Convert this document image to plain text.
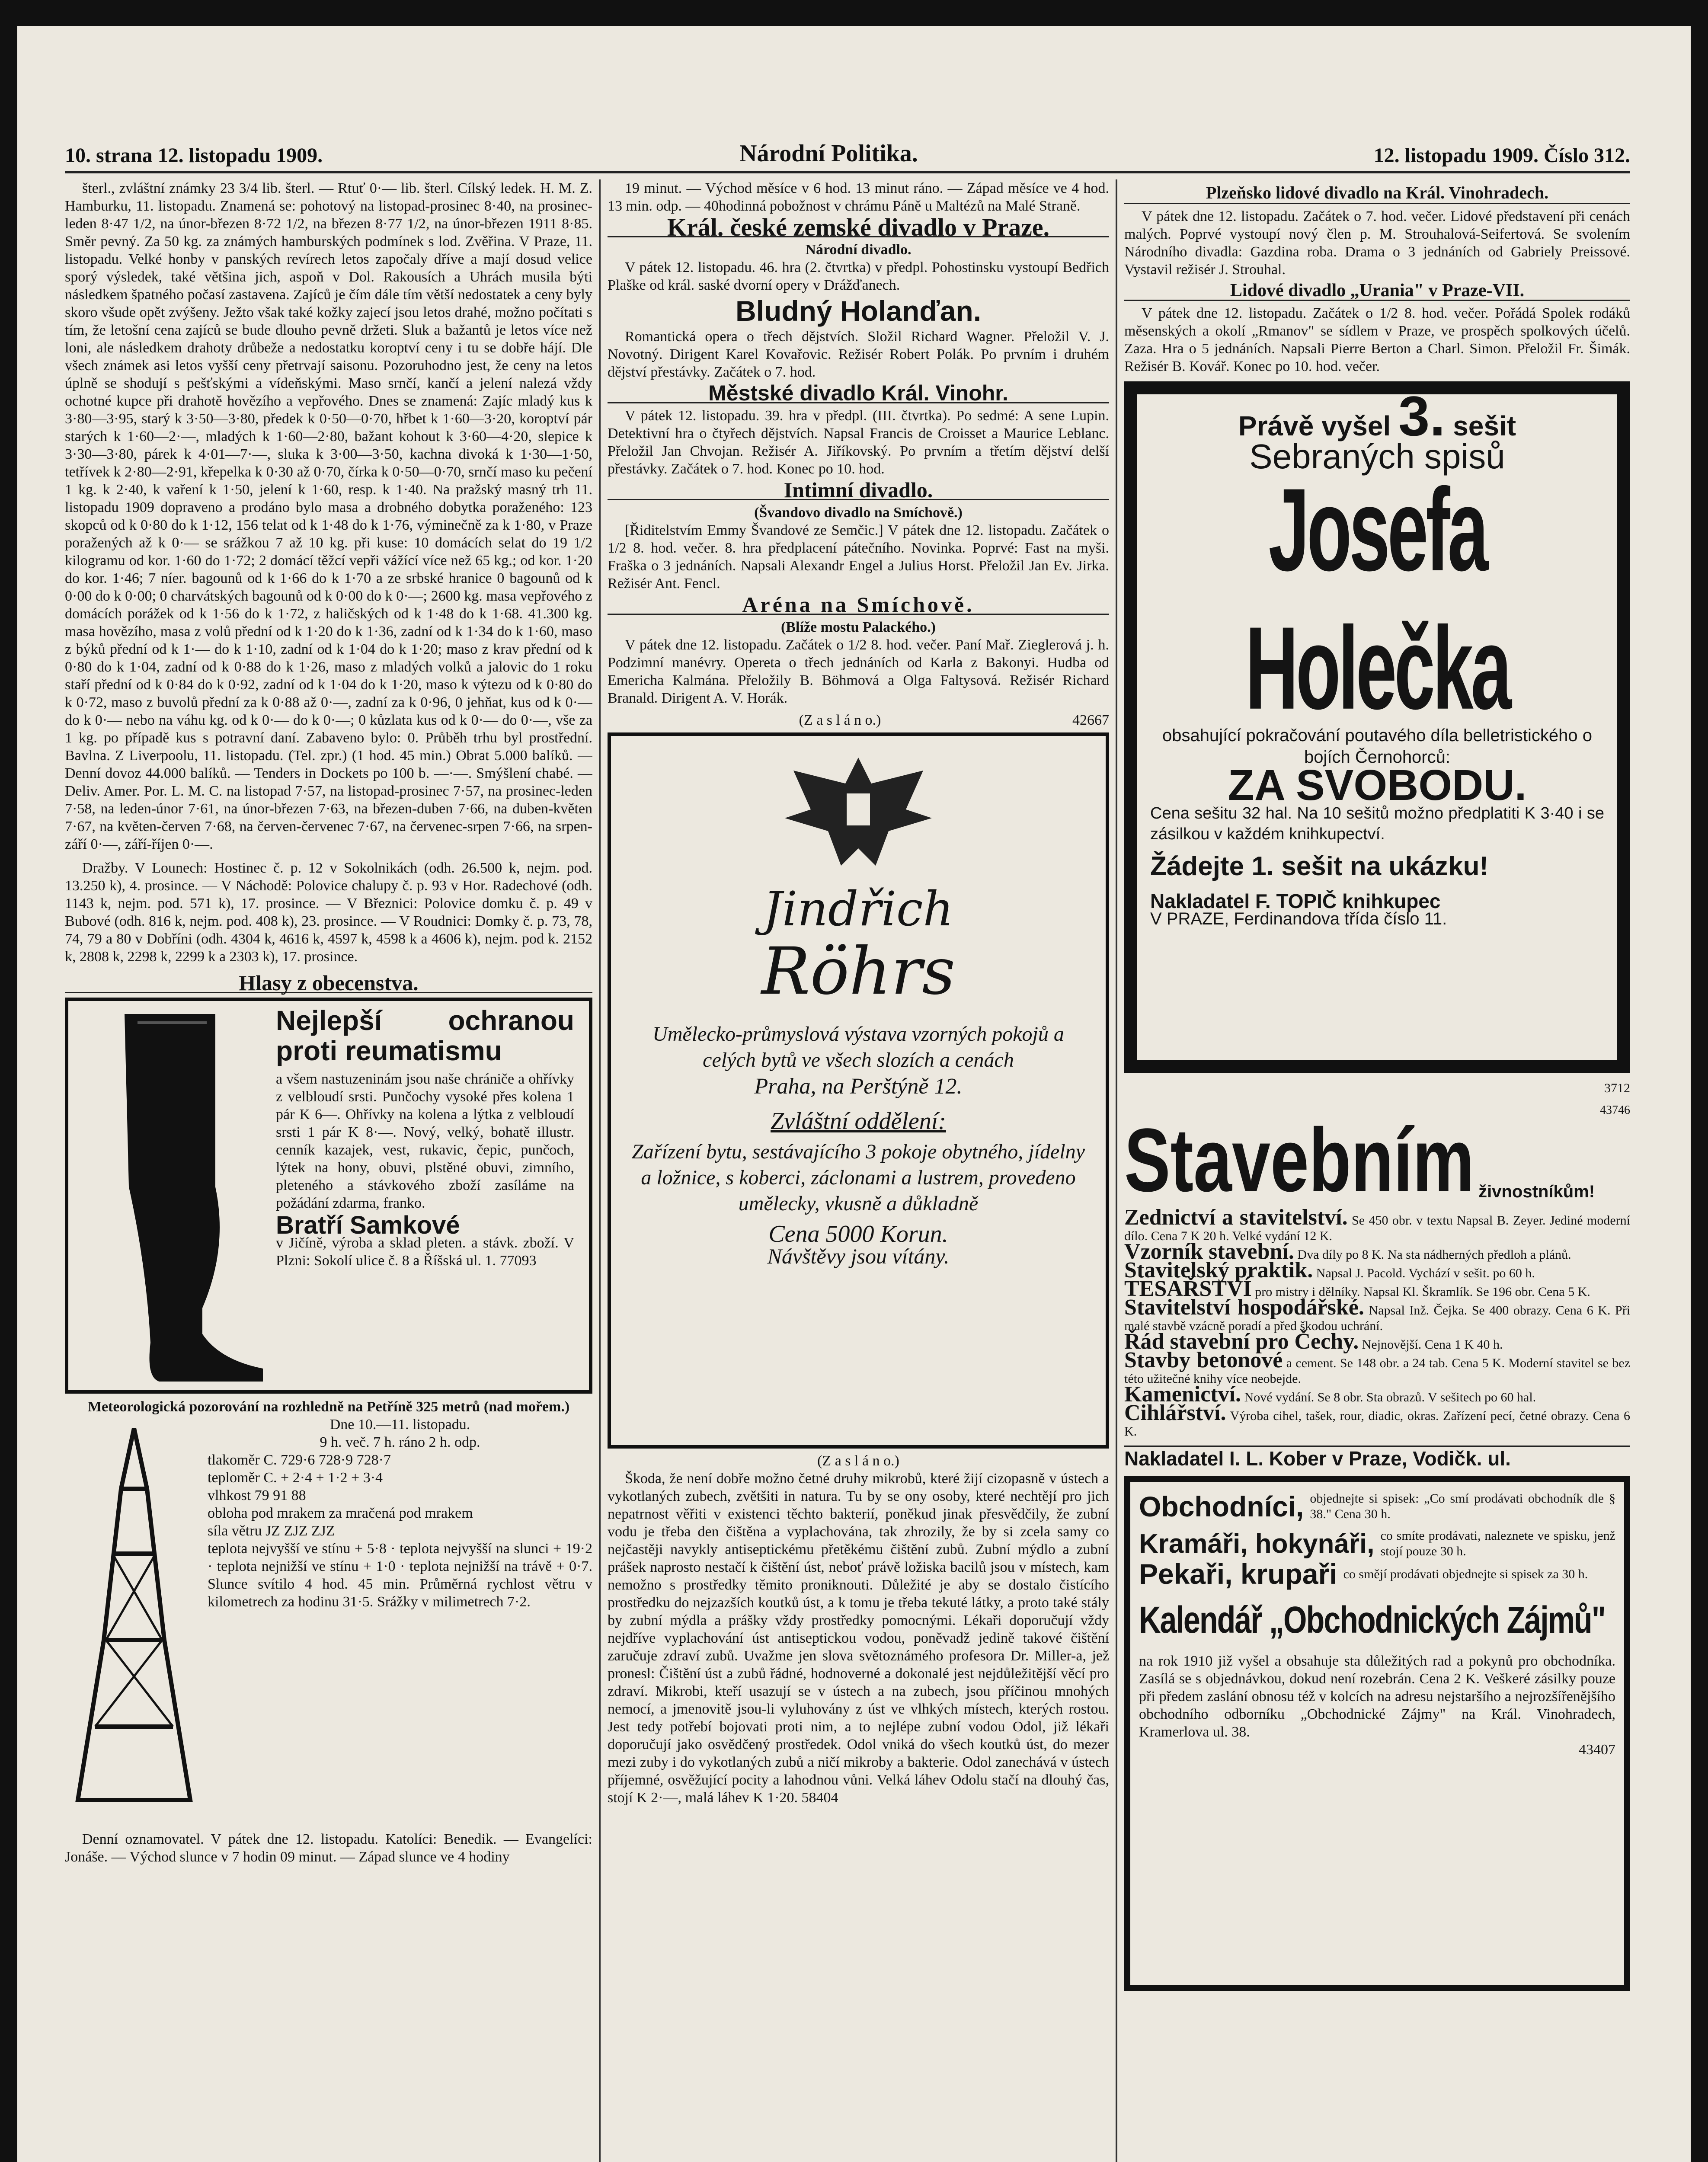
10. strana 12. listopadu 1909.	Národní Politika.	12. listopadu 1909. Číslo 312.

šterl., zvláštní známky 23 3/4 lib. šterl. — Rtuť 0·— lib. šterl. Cílský ledek. H. M. Z. Hamburku, 11. listopadu. Znamená se: pohotový na listopad-prosinec 8·40, na prosinec-leden 8·47 1/2, na únor-březen 8·72 1/2, na březen 8·77 1/2, na únor-březen 1911 8·85. Směr pevný. Za 50 kg. za známých hamburských podmínek s lod. Zvěřina. V Praze, 11. listopadu. Velké honby v panských revírech letos započaly dříve a mají dosud velice sporý výsledek, také většina jich, aspoň v Dol. Rakousích a Uhrách musila býti následkem špatného počasí zastavena. Zajíců je čím dále tím větší nedostatek a ceny byly skoro všude opět zvýšeny. Ježto však také kožky zajecí jsou letos drahé, možno počítati s tím, že letošní cena zajíců se bude dlouho pevně držeti. Sluk a bažantů je letos více než loni, ale následkem drahoty drůbeže a nedostatku koroptví ceny i tu se dobře hájí. Dle všech známek asi letos vyšší ceny přetrvají saisonu. Pozoruhodno jest, že ceny na letos úplně se shodují s pešťskými a vídeňskými. Maso srnčí, kančí a jelení nalezá vždy ochotné kupce při drahotě hovězího a vepřového. Dnes se znamená: Zajíc mladý kus k 3·80—3·95, starý k 3·50—3·80, předek k 0·50—0·70, hřbet k 1·60—3·20, koroptví pár starých k 1·60—2·—, mladých k 1·60—2·80, bažant kohout k 3·60—4·20, slepice k 3·30—3·80, párek k 4·01—7·—, sluka k 3·00—3·50, kachna divoká k 1·30—1·50, tetřívek k 2·80—2·91, křepelka k 0·30 až 0·70, čírka k 0·50—0·70, srnčí maso ku pečení 1 kg. k 2·40, k vaření k 1·50, jelení k 1·60, resp. k 1·40. Na pražský masný trh 11. listopadu 1909 dopraveno a prodáno bylo masa a drobného dobytka poraženého: 123 skopců od k 0·80 do k 1·12, 156 telat od k 1·48 do k 1·76, výminečně za k 1·80, v Praze poražených až k 0·— se srážkou 7 až 10 kg. při kuse: 10 domácích selat do 19 1/2 kilogramu od kor. 1·60 do 1·72; 2 domácí těžcí vepři vážící více než 65 kg.; od kor. 1·20 do kor. 1·46; 7 níer. bagounů od k 1·66 do k 1·70 a ze srbské hranice 0 bagounů od k 0·00 do k 0·00; 0 charvátských bagounů od k 0·00 do k 0·—; 2600 kg. masa vepřového z domácích porážek od k 1·56 do k 1·72, z haličských od k 1·48 do k 1·68. 41.300 kg. masa hovězího, masa z volů přední od k 1·20 do k 1·36, zadní od k 1·34 do k 1·60, maso z býků přední od k 1·— do k 1·10, zadní od k 1·04 do k 1·20; maso z krav přední od k 0·80 do k 1·04, zadní od k 0·88 do k 1·26, maso z mladých volků a jalovic do 1 roku staří přední od k 0·84 do k 0·92, zadní od k 1·04 do k 1·20, maso k výtezu od k 0·80 do k 0·72, maso z buvolů přední za k 0·88 až 0·—, zadní za k 0·96, 0 jehňat, kus od k 0·— do k 0·— nebo na váhu kg. od k 0·— do k 0·—; 0 kůzlata kus od k 0·— do 0·—, vše za 1 kg. po případě kus s potravní daní. Zabaveno bylo: 0. Průběh trhu byl prostřední. Bavlna. Z Liverpoolu, 11. listopadu. (Tel. zpr.) (1 hod. 45 min.) Obrat 5.000 balíků. — Denní dovoz 44.000 balíků. — Tenders in Dockets po 100 b. —·—. Smýšlení chabé. — Deliv. Amer. Por. L. M. C. na listopad 7·57, na listopad-prosinec 7·57, na prosinec-leden 7·58, na leden-únor 7·61, na únor-březen 7·63, na březen-duben 7·66, na duben-květen 7·67, na květen-červen 7·68, na červen-červenec 7·67, na červenec-srpen 7·66, na srpen-září 0·—, září-říjen 0·—.

Dražby. V Lounech: Hostinec č. p. 12 v Sokolnikách (odh. 26.500 k, nejm. pod. 13.250 k), 4. prosince. — V Náchodě: Polovice chalupy č. p. 93 v Hor. Radechové (odh. 1143 k, nejm. pod. 571 k), 17. prosince. — V Březnici: Polovice domku č. p. 49 v Bubové (odh. 816 k, nejm. pod. 408 k), 23. prosince. — V Roudnici: Domky č. p. 73, 78, 74, 79 a 80 v Dobříni (odh. 4304 k, 4616 k, 4597 k, 4598 k a 4606 k), nejm. pod k. 2152 k, 2808 k, 2298 k, 2299 k a 2303 k), 17. prosince.

Hlasy z obecenstva.
Nejlepší ochranou proti reumatismu
a všem nastuzeninám jsou naše chrániče a ohřívky z velbloudí srsti. Punčochy vysoké přes kolena 1 pár K 6—. Ohřívky na kolena a lýtka z velbloudí srsti 1 pár K 8·—. Nový, velký, bohatě illustr. cenník kazajek, vest, rukavic, čepic, punčoch, lýtek na hony, obuvi, plstěné obuvi, zimního, pleteného a stávkového zboží zasíláme na požádání zdarma, franko.
Bratří Samkové
v Jičíně, výroba a sklad pleten. a stávk. zboží. V Plzni: Sokolí ulice č. 8 a Říšská ul. 1. 77093
Meteorologická pozorování na rozhledně na Petříně 325 metrů (nad mořem.)
Dne 10.—11. listopadu.
9 h. več. 7 h. ráno 2 h. odp.
tlakoměr C. 729·6 728·9 728·7
teploměr C. + 2·4 + 1·2 + 3·4
vlhkost 79 91 88
obloha pod mrakem za mračená pod mrakem
síla větru JZ ZJZ ZJZ
teplota nejvyšší ve stínu + 5·8 · teplota nejvyšší na slunci + 19·2 · teplota nejnižší ve stínu + 1·0 · teplota nejnižší na trávě + 0·7. Slunce svítilo 4 hod. 45 min. Průměrná rychlost větru v kilometrech za hodinu 31·5. Srážky v milimetrech 7·2.

Denní oznamovatel. V pátek dne 12. listopadu. Katolíci: Benedik. — Evangelíci: Jonáše. — Východ slunce v 7 hodin 09 minut. — Západ slunce ve 4 hodiny

19 minut. — Východ měsíce v 6 hod. 13 minut ráno. — Západ měsíce ve 4 hod. 13 min. odp. — 40hodinná pobožnost v chrámu Páně u Maltézů na Malé Straně.

Král. české zemské divadlo v Praze.
Národní divadlo.

V pátek 12. listopadu. 46. hra (2. čtvrtka) v předpl. Pohostinsku vystoupí Bedřich Plaške od král. saské dvorní opery v Drážďanech.

Bludný Holanďan.

Romantická opera o třech dějstvích. Složil Richard Wagner. Přeložil V. J. Novotný. Dirigent Karel Kovařovic. Režisér Robert Polák. Po prvním i druhém dějství přestávky. Začátek o 7. hod.

Městské divadlo Král. Vinohr.

V pátek 12. listopadu. 39. hra v předpl. (III. čtvrtka). Po sedmé: A sene Lupin. Detektivní hra o čtyřech dějstvích. Napsal Francis de Croisset a Maurice Leblanc. Přeložil Jan Chvojan. Režisér A. Jiříkovský. Po prvním a třetím dějství delší přestávky. Začátek o 7. hod. Konec po 10. hod.

Intimní divadlo.
(Švandovo divadlo na Smíchově.)

[Řiditelstvím Emmy Švandové ze Semčic.] V pátek dne 12. listopadu. Začátek o 1/2 8. hod. večer. 8. hra předplacení pátečního. Novinka. Poprvé: Fast na myši. Fraška o 3 jednáních. Napsali Alexandr Engel a Julius Horst. Přeložil Jan Ev. Jirka. Režisér Ant. Fencl.

Aréna na Smíchově.
(Blíže mostu Palackého.)

V pátek dne 12. listopadu. Začátek o 1/2 8. hod. večer. Paní Mař. Zieglerová j. h. Podzimní manévry. Opereta o třech jednáních od Karla z Bakonyi. Hudba od Emericha Kalmána. Přeložily B. Böhmová a Olga Faltysová. Režisér Richard Branald. Dirigent A. V. Horák.

(Z a s l á n o.)	42667
Jindřich
Röhrs
Umělecko-průmyslová výstava vzorných pokojů a celých bytů ve všech slozích a cenách
Praha, na Perštýně 12.
Zvláštní oddělení:
Zařízení bytu, sestávajícího 3 pokoje obytného, jídelny a ložnice, s koberci, záclonami a lustrem, provedeno umělecky, vkusně a důkladně
Cena 5000 Korun.
Návštěvy jsou vítány.
(Z a s l á n o.)

Škoda, že není dobře možno četné druhy mikrobů, které žijí cizopasně v ústech a vykotlaných zubech, zvětšiti in natura. Tu by se ony osoby, které nechtějí pro jich nepatrnost věřiti v existenci těchto bakterií, poněkud jinak přesvědčily, že zubní vodu je třeba den čištěna a vyplachována, tak zhrozily, že by si zcela samy co nejčastěji navykly antiseptickému přetěkému čištění zubů. Zubní mýdlo a zubní prášek naprosto nestačí k čištění úst, neboť právě ložiska bacilů jsou v místech, kam nemožno s prostředky těmito proniknouti. Důležité je aby se dostalo čistícího prostředku do nejzazších koutků úst, a k tomu je třeba tekuté látky, a proto také stály by zubní mýdla a prášky vždy prostředky pomocnými. Lékaři doporučují vždy nejdříve vyplachování úst antiseptickou vodou, poněvadž jedině takové čištění zaručuje zdraví zubů. Uvažme jen slova světoznámého profesora Dr. Miller-a, jež pronesl: Čištění úst a zubů řádné, hodnoverné a dokonalé jest nejdůležitější věcí pro zdraví. Mikrobi, kteří usazují se v ústech a na zubech, jsou příčinou mnohých nemocí, a jmenovitě jsou-li vyluhovány z úst ve vlhkých místech, kterých rostou. Jest tedy potřebí bojovati proti nim, a to nejlépe zubní vodou Odol, již lékaři doporučují jako osvědčený prostředek. Odol vniká do všech koutků úst, do mezer mezi zuby i do vykotlaných zubů a ničí mikroby a bakterie. Odol zanechává v ústech příjemné, osvěžující pocity a lahodnou vůni. Velká láhev Odolu stačí na dlouhý čas, stojí K 2·—, malá láhev K 1·20. 58404

Plzeňsko lidové divadlo na Král. Vinohradech.

V pátek dne 12. listopadu. Začátek o 7. hod. večer. Lidové představení při cenách malých. Poprvé vystoupí nový člen p. M. Strouhalová-Seifertová. Se svolením Národního divadla: Gazdina roba. Drama o 3 jednáních od Gabriely Preissové. Vystavil režisér J. Strouhal.

Lidové divadlo „Urania" v Praze-VII.

V pátek dne 12. listopadu. Začátek o 1/2 8. hod. večer. Pořádá Spolek rodáků měsenských a okolí „Rmanov" se sídlem v Praze, ve prospěch spolkových účelů. Zaza. Hra o 5 jednáních. Napsali Pierre Berton a Charl. Simon. Přeložil Fr. Šimák. Režisér B. Kovář. Konec po 10. hod. večer.

Právě vyšel 3. sešit
Sebraných spisů
Josefa Holečka
obsahující pokračování poutavého díla belletristického o bojích Černohorců:
ZA SVOBODU.
Cena sešitu 32 hal. Na 10 sešitů možno předplatiti K 3·40 i se zásilkou v každém knihkupectví.
Žádejte 1. sešit na ukázku!
Nakladatel F. TOPIČ knihkupec
V PRAZE, Ferdinandova třída číslo 11.
3712
43746
Stavebním živnostníkům!
Zednictví a stavitelství. Se 450 obr. v textu Napsal B. Zeyer. Jediné moderní dílo. Cena 7 K 20 h. Velké vydání 12 K.
Vzorník stavební. Dva díly po 8 K. Na sta nádherných předloh a plánů.
Stavitelský praktik. Napsal J. Pacold. Vychází v sešit. po 60 h.
TESAŘSTVÍ pro mistry i dělníky. Napsal Kl. Škramlík. Se 196 obr. Cena 5 K.
Stavitelství hospodářské. Napsal Inž. Čejka. Se 400 obrazy. Cena 6 K. Při malé stavbě vzácně poradí a před škodou uchrání.
Řád stavební pro Čechy. Nejnovější. Cena 1 K 40 h.
Stavby betonové a cement. Se 148 obr. a 24 tab. Cena 5 K. Moderní stavitel se bez této užitečné knihy více neobejde.
Kamenictví. Nové vydání. Se 8 obr. Sta obrazů. V sešitech po 60 hal.
Cihlářství. Výroba cihel, tašek, rour, diadic, okras. Zařízení pecí, četné obrazy. Cena 6 K.
Nakladatel I. L. Kober v Praze, Vodičk. ul.
Obchodníci, objednejte si spisek: „Co smí prodávati obchodník dle § 38." Cena 30 h.
Kramáři, hokynáři, co smíte prodávati, naleznete ve spisku, jenž stojí pouze 30 h.
Pekaři, krupaři co smějí prodávati objednejte si spisek za 30 h.
Kalendář „Obchodnických Zájmů"
na rok 1910 již vyšel a obsahuje sta důležitých rad a pokynů pro obchodníka. Zasílá se s objednávkou, dokud není rozebrán. Cena 2 K. Veškeré zásilky pouze při předem zaslání obnosu též v kolcích na adresu nejstaršího a nejrozšířenějšího obchodního odborníku „Obchodnické Zájmy" na Král. Vinohradech, Kramerlova ul. 38.
43407
